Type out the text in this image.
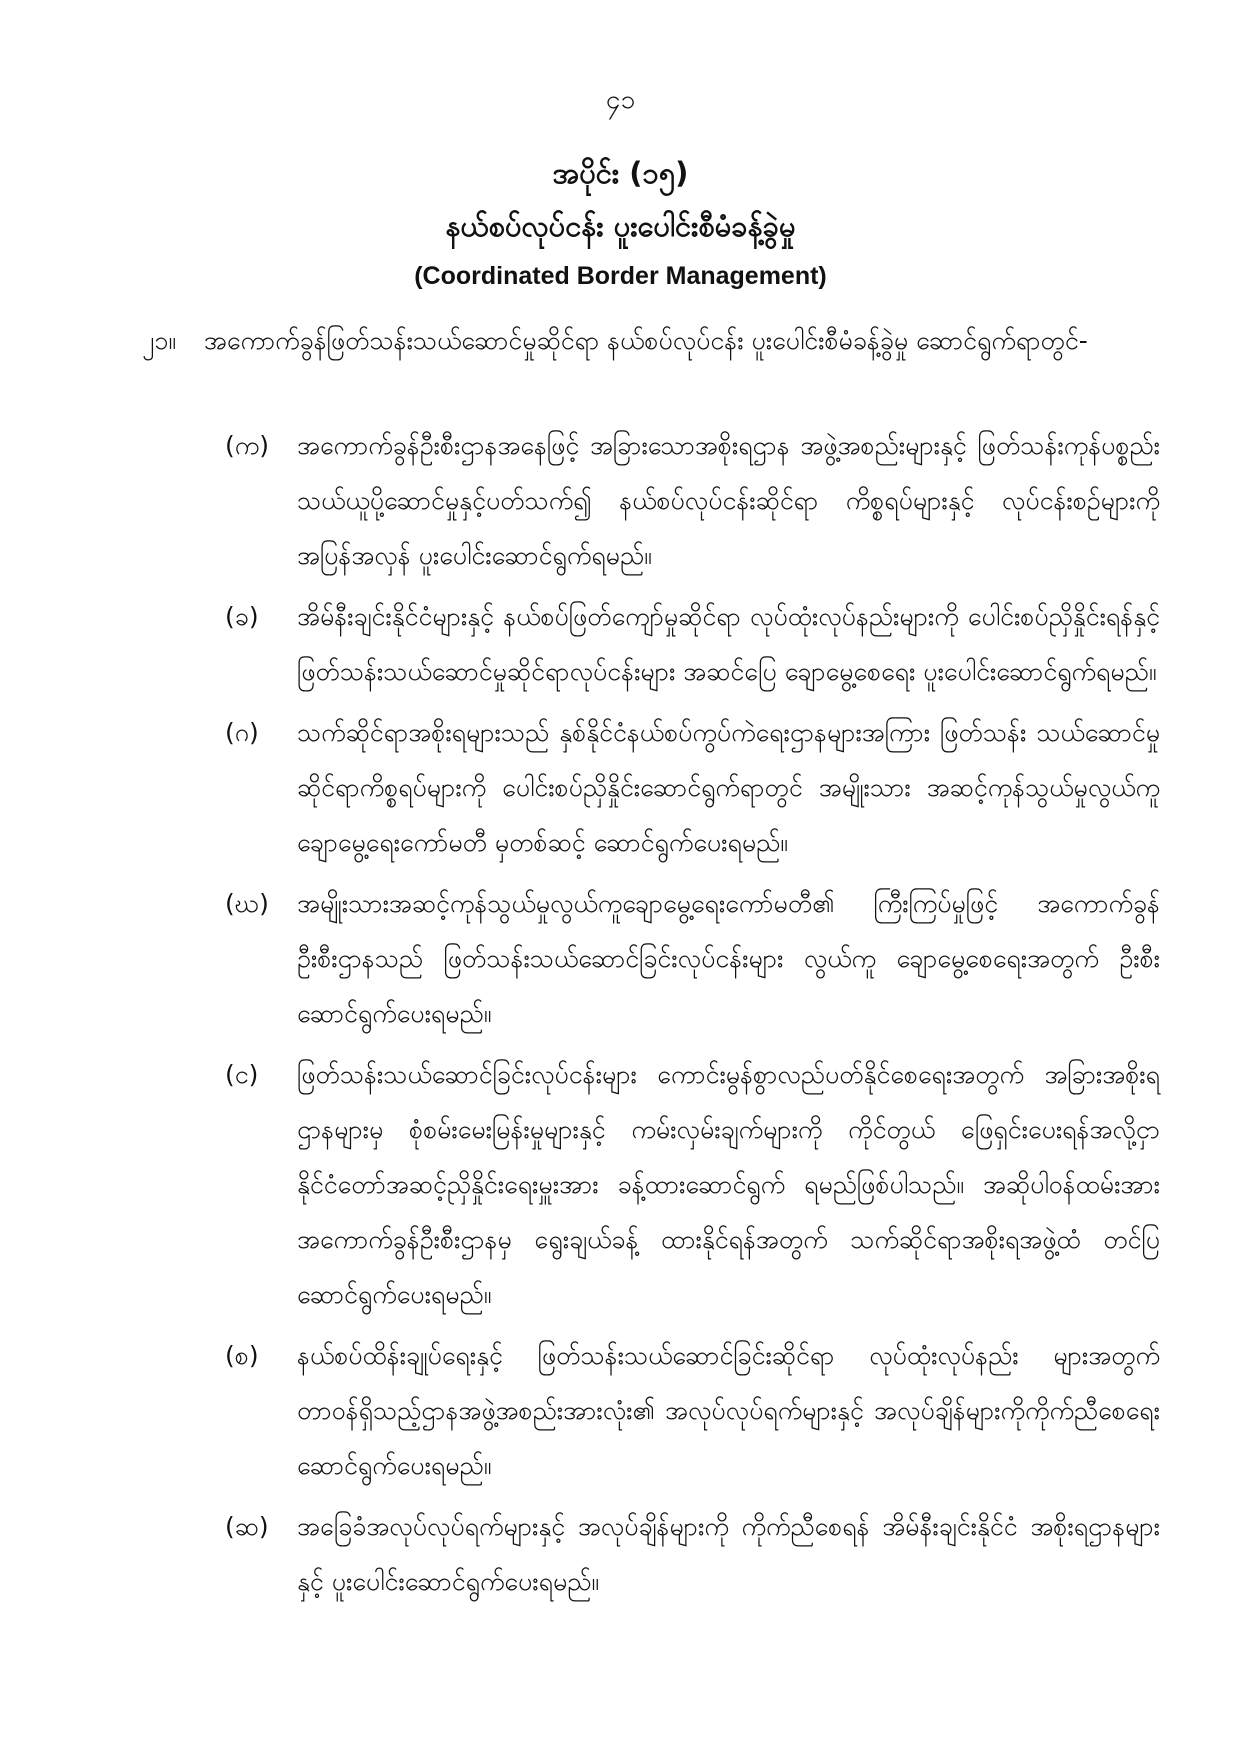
၄၁
အပိုင်း (၁၅)
နယ်စပ်လုပ်ငန်း ပူးပေါင်းစီမံခန့်ခွဲမှု
(Coordinated Border Management)
၂၁။ အကောက်ခွန်ဖြတ်သန်းသယ်ဆောင်မှုဆိုင်ရာ နယ်စပ်လုပ်ငန်း ပူးပေါင်းစီမံခန့်ခွဲမှု ဆောင်ရွက်ရာတွင်-
(က)	အကောက်ခွန်ဦးစီးဌာနအနေဖြင့် အခြားသောအစိုးရဌာန အဖွဲ့အစည်းများနှင့် ဖြတ်သန်းကုန်ပစ္စည်း သယ်ယူပို့ဆောင်မှုနှင့်ပတ်သက်၍ နယ်စပ်လုပ်ငန်းဆိုင်ရာ ကိစ္စရပ်များနှင့် လုပ်ငန်းစဉ်များကို အပြန်အလှန် ပူးပေါင်းဆောင်ရွက်ရမည်။
(ခ)	အိမ်နီးချင်းနိုင်ငံများနှင့် နယ်စပ်ဖြတ်ကျော်မှုဆိုင်ရာ လုပ်ထုံးလုပ်နည်းများကို ပေါင်းစပ်ညှိနှိုင်းရန်နှင့် ဖြတ်သန်းသယ်ဆောင်မှုဆိုင်ရာလုပ်ငန်းများ အဆင်ပြေ ချောမွေ့စေရေး ပူးပေါင်းဆောင်ရွက်ရမည်။
(ဂ)	သက်ဆိုင်ရာအစိုးရများသည် နှစ်နိုင်ငံနယ်စပ်ကွပ်ကဲရေးဌာနများအကြား ဖြတ်သန်း သယ်ဆောင်မှုဆိုင်ရာကိစ္စရပ်များကို ပေါင်းစပ်ညှိနှိုင်းဆောင်ရွက်ရာတွင် အမျိုးသား အဆင့်ကုန်သွယ်မှုလွယ်ကူချောမွေ့ရေးကော်မတီ မှတစ်ဆင့် ဆောင်ရွက်ပေးရမည်။
(ဃ)	အမျိုးသားအဆင့်ကုန်သွယ်မှုလွယ်ကူချောမွေ့ရေးကော်မတီ၏ ကြီးကြပ်မှုဖြင့် အကောက်ခွန်ဦးစီးဌာနသည် ဖြတ်သန်းသယ်ဆောင်ခြင်းလုပ်ငန်းများ လွယ်ကူ ချောမွေ့စေရေးအတွက် ဦးစီးဆောင်ရွက်ပေးရမည်။
(င)	ဖြတ်သန်းသယ်ဆောင်ခြင်းလုပ်ငန်းများ ကောင်းမွန်စွာလည်ပတ်နိုင်စေရေးအတွက် အခြားအစိုးရဌာနများမှ စုံစမ်းမေးမြန်းမှုများနှင့် ကမ်းလှမ်းချက်များကို ကိုင်တွယ် ဖြေရှင်းပေးရန်အလို့ငှာ နိုင်ငံတော်အဆင့်ညှိနှိုင်းရေးမှူးအား ခန့်ထားဆောင်ရွက် ရမည်ဖြစ်ပါသည်။ အဆိုပါဝန်ထမ်းအား အကောက်ခွန်ဦးစီးဌာနမှ ရွေးချယ်ခန့် ထားနိုင်ရန်အတွက် သက်ဆိုင်ရာအစိုးရအဖွဲ့ထံ တင်ပြဆောင်ရွက်ပေးရမည်။
(စ)	နယ်စပ်ထိန်းချုပ်ရေးနှင့် ဖြတ်သန်းသယ်ဆောင်ခြင်းဆိုင်ရာ လုပ်ထုံးလုပ်နည်း များအတွက် တာဝန်ရှိသည့်ဌာနအဖွဲ့အစည်းအားလုံး၏ အလုပ်လုပ်ရက်များနှင့် အလုပ်ချိန်များကိုကိုက်ညီစေရေး ဆောင်ရွက်ပေးရမည်။
(ဆ)	အခြေခံအလုပ်လုပ်ရက်များနှင့် အလုပ်ချိန်များကို ကိုက်ညီစေရန် အိမ်နီးချင်းနိုင်ငံ အစိုးရဌာနများနှင့် ပူးပေါင်းဆောင်ရွက်ပေးရမည်။
